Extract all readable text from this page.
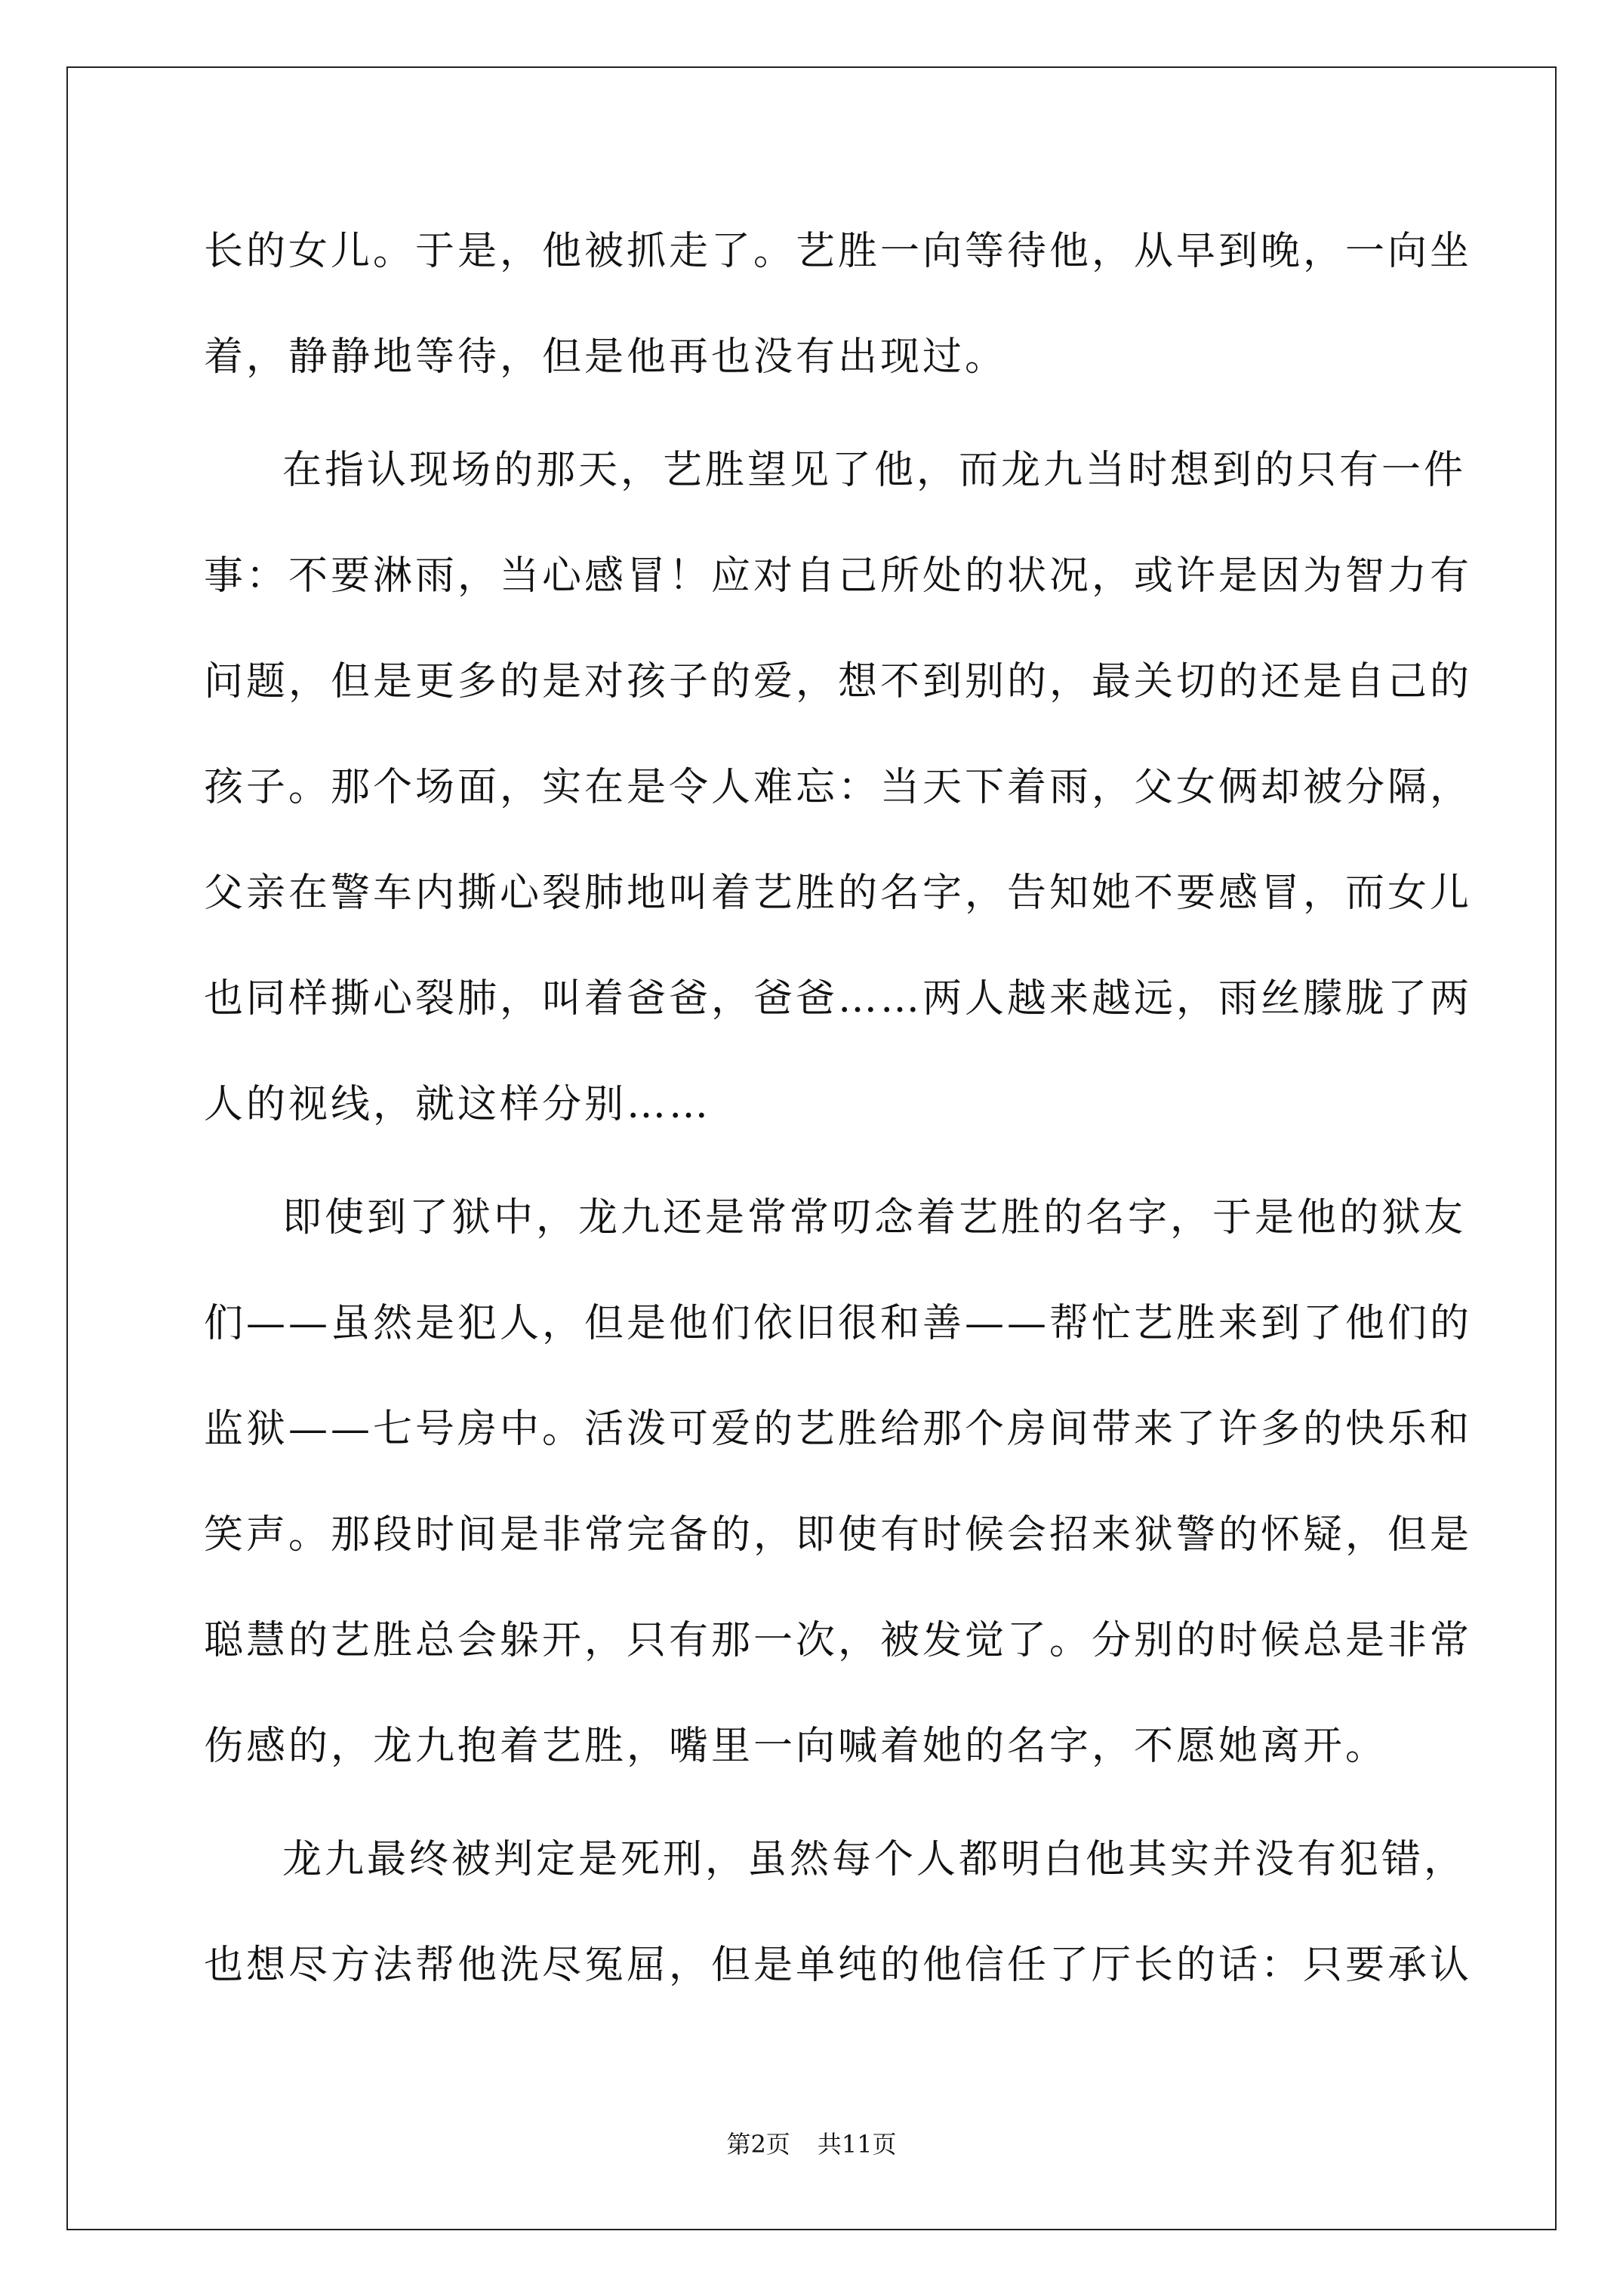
长的女儿。于是，他被抓走了。艺胜一向等待他，从早到晚，一向坐
着，静静地等待，但是他再也没有出现过。
在指认现场的那天，艺胜望见了他，而龙九当时想到的只有一件
事：不要淋雨，当心感冒！应对自己所处的状况，或许是因为智力有
问题，但是更多的是对孩子的爱，想不到别的，最关切的还是自己的
孩子。那个场面，实在是令人难忘：当天下着雨，父女俩却被分隔，
父亲在警车内撕心裂肺地叫着艺胜的名字，告知她不要感冒，而女儿
也同样撕心裂肺，叫着爸爸，爸爸……两人越来越远，雨丝朦胧了两
人的视线，就这样分别……
即使到了狱中，龙九还是常常叨念着艺胜的名字，于是他的狱友
们——虽然是犯人，但是他们依旧很和善——帮忙艺胜来到了他们的
监狱——七号房中。活泼可爱的艺胜给那个房间带来了许多的快乐和
笑声。那段时间是非常完备的，即使有时候会招来狱警的怀疑，但是
聪慧的艺胜总会躲开，只有那一次，被发觉了。分别的时候总是非常
伤感的，龙九抱着艺胜，嘴里一向喊着她的名字，不愿她离开。
龙九最终被判定是死刑，虽然每个人都明白他其实并没有犯错，
也想尽方法帮他洗尽冤屈，但是单纯的他信任了厅长的话：只要承认
第2页 共11页
